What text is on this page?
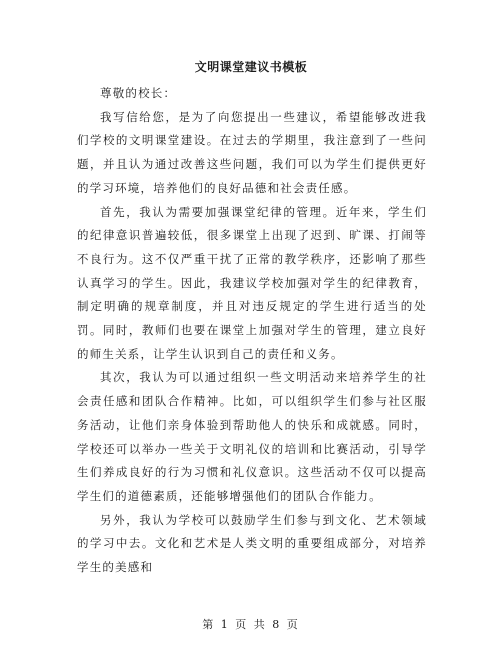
文明课堂建议书模板

尊敬的校长：

我写信给您，是为了向您提出一些建议，希望能够改进我们学校的文明课堂建设。在过去的学期里，我注意到了一些问题，并且认为通过改善这些问题，我们可以为学生们提供更好的学习环境，培养他们的良好品德和社会责任感。

首先，我认为需要加强课堂纪律的管理。近年来，学生们的纪律意识普遍较低，很多课堂上出现了迟到、旷课、打闹等不良行为。这不仅严重干扰了正常的教学秩序，还影响了那些认真学习的学生。因此，我建议学校加强对学生的纪律教育，制定明确的规章制度，并且对违反规定的学生进行适当的处罚。同时，教师们也要在课堂上加强对学生的管理，建立良好的师生关系，让学生认识到自己的责任和义务。

其次，我认为可以通过组织一些文明活动来培养学生的社会责任感和团队合作精神。比如，可以组织学生们参与社区服务活动，让他们亲身体验到帮助他人的快乐和成就感。同时，学校还可以举办一些关于文明礼仪的培训和比赛活动，引导学生们养成良好的行为习惯和礼仪意识。这些活动不仅可以提高学生们的道德素质，还能够增强他们的团队合作能力。

另外，我认为学校可以鼓励学生们参与到文化、艺术领域的学习中去。文化和艺术是人类文明的重要组成部分，对培养学生的美感和

第 1 页 共 8 页
